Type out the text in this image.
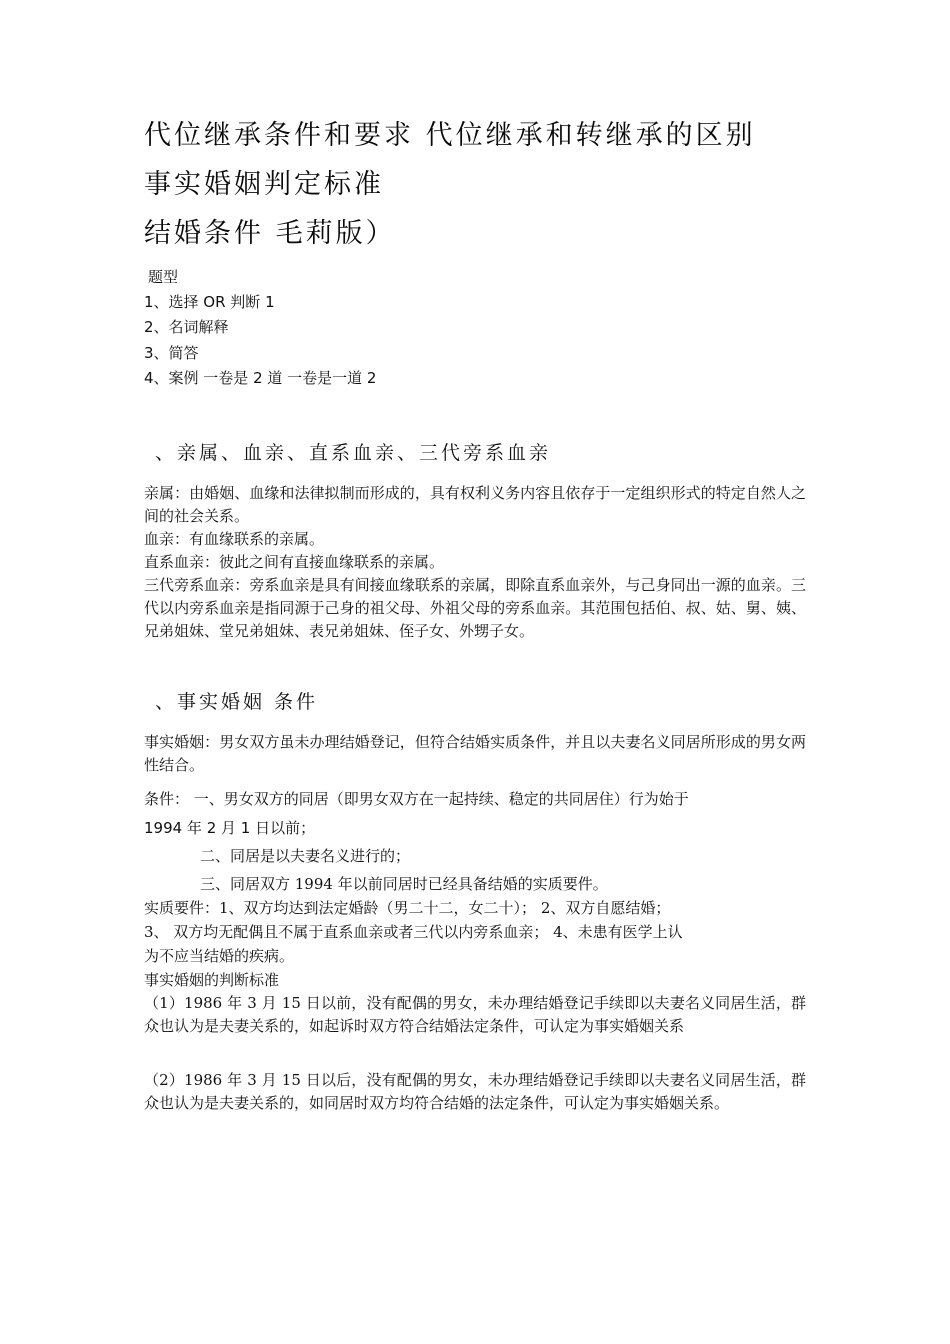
代位继承条件和要求 代位继承和转继承的区别
事实婚姻判定标准
结婚条件 毛莉版）
题型
1、选择 OR 判断 1
2、名词解释
3、简答
4、案例 一卷是 2 道 一卷是一道 2
、亲属、血亲、直系血亲、三代旁系血亲
亲属：由婚姻、血缘和法律拟制而形成的，具有权利义务内容且依存于一定组织形式的特定自然人之间的社会关系。
血亲：有血缘联系的亲属。
直系血亲：彼此之间有直接血缘联系的亲属。
三代旁系血亲：旁系血亲是具有间接血缘联系的亲属，即除直系血亲外，与己身同出一源的血亲。三代以内旁系血亲是指同源于己身的祖父母、外祖父母的旁系血亲。其范围包括伯、叔、姑、舅、姨、兄弟姐妹、堂兄弟姐妹、表兄弟姐妹、侄子女、外甥子女。
、事实婚姻 条件
事实婚姻：男女双方虽未办理结婚登记，但符合结婚实质条件，并且以夫妻名义同居所形成的男女两性结合。
条件： 一、男女双方的同居（即男女双方在一起持续、稳定的共同居住）行为始于
1994 年 2 月 1 日以前；
二、同居是以夫妻名义进行的；
三、同居双方 1994 年以前同居时已经具备结婚的实质要件。
实质要件：1、双方均达到法定婚龄（男二十二，女二十）； 2、双方自愿结婚；
3、 双方均无配偶且不属于直系血亲或者三代以内旁系血亲； 4、未患有医学上认
为不应当结婚的疾病。
事实婚姻的判断标准
（1）1986 年 3 月 15 日以前，没有配偶的男女，未办理结婚登记手续即以夫妻名义同居生活，群众也认为是夫妻关系的，如起诉时双方符合结婚法定条件，可认定为事实婚姻关系
（2）1986 年 3 月 15 日以后，没有配偶的男女，未办理结婚登记手续即以夫妻名义同居生活，群众也认为是夫妻关系的，如同居时双方均符合结婚的法定条件，可认定为事实婚姻关系。
